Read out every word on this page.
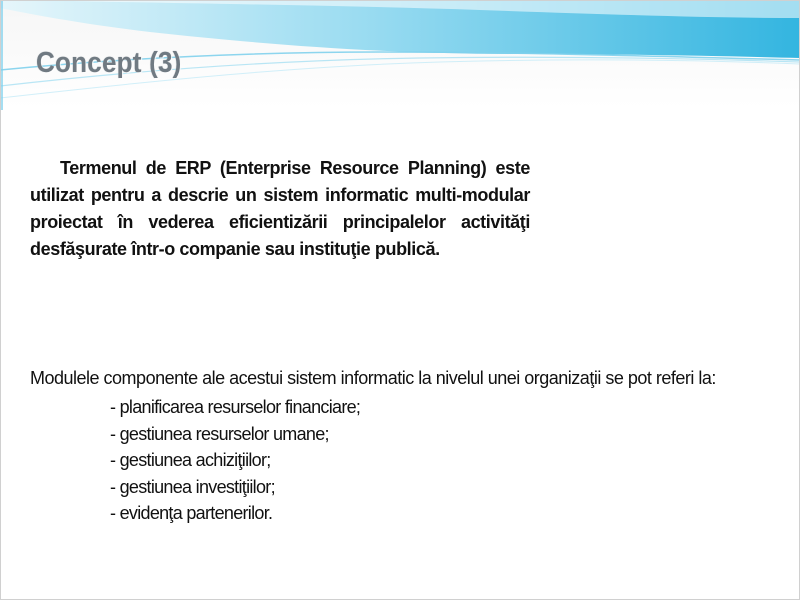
Concept (3)

Termenul de ERP (Enterprise Resource Planning) este utilizat pentru a descrie un sistem informatic multi-modular proiectat în vederea eficientizării principalelor activităţi desfăşurate într-o companie sau instituţie publică.

Modulele componente ale acestui sistem informatic la nivelul unei organizaţii se pot referi la:

- planificarea resurselor financiare;
- gestiunea resurselor umane;
- gestiunea achiziţiilor;
- gestiunea investiţiilor;
- evidenţa partenerilor.
